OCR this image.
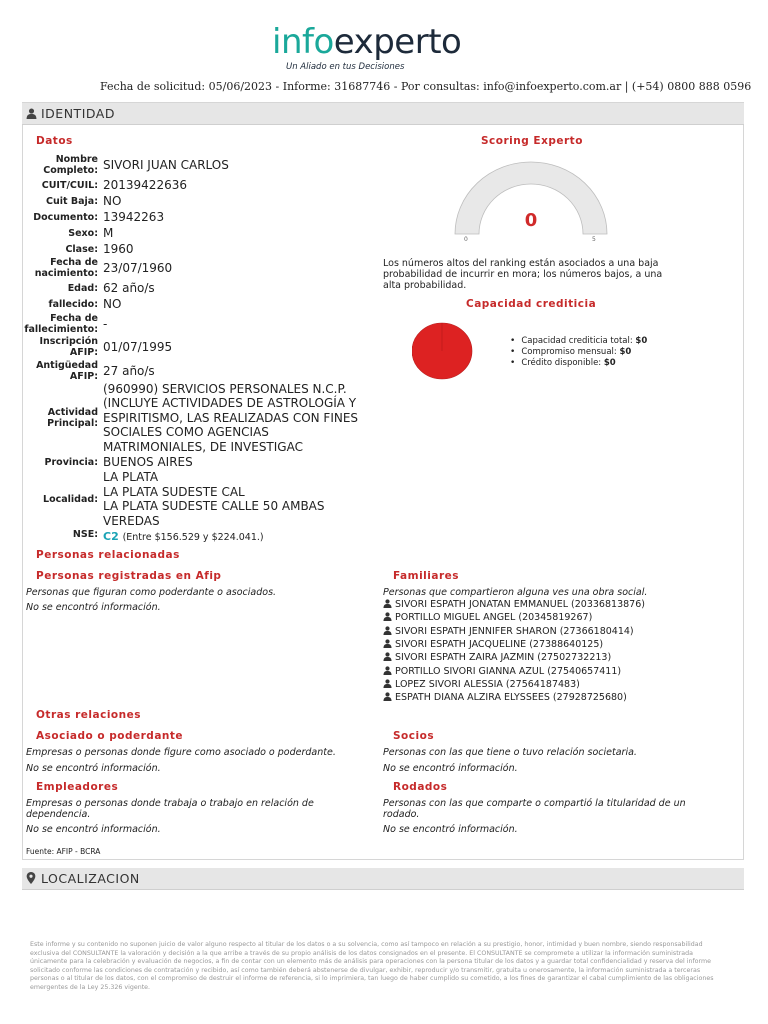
infoexperto
Un Aliado en tus Decisiones
Fecha de solicitud: 05/06/2023 - Informe: 31687746 - Por consultas: info@infoexperto.com.ar | (+54) 0800 888 0596
IDENTIDAD
Datos
Nombre Completo: SIVORI JUAN CARLOS
CUIT/CUIL: 20139422636
Cuit Baja: NO
Documento: 13942263
Sexo: M
Clase: 1960
Fecha de nacimiento: 23/07/1960
Edad: 62 año/s
fallecido: NO
Fecha de fallecimiento: -
Inscripción AFIP: 01/07/1995
Antigüedad AFIP: 27 año/s
Actividad Principal:
(960990) SERVICIOS PERSONALES N.C.P. (INCLUYE ACTIVIDADES DE ASTROLOGÍA Y ESPIRITISMO, LAS REALIZADAS CON FINES SOCIALES COMO AGENCIAS MATRIMONIALES, DE INVESTIGAC
Provincia: BUENOS AIRES
Localidad:
LA PLATA
LA PLATA SUDESTE CAL
LA PLATA SUDESTE CALLE 50 AMBAS VEREDAS
NSE: C2 (Entre $156.529 y $224.041.)
Scoring Experto
0
0	5
Los números altos del ranking están asociados a una baja probabilidad de incurrir en mora; los números bajos, a una alta probabilidad.
Capacidad crediticia
• Capacidad crediticia total: $0
• Compromiso mensual: $0
• Crédito disponible: $0
Personas relacionadas
Personas registradas en Afip
Personas que figuran como poderdante o asociados.
No se encontró información.
Familiares
Personas que compartieron alguna ves una obra social.
SIVORI ESPATH JONATAN EMMANUEL (20336813876)
PORTILLO MIGUEL ANGEL (20345819267)
SIVORI ESPATH JENNIFER SHARON (27366180414)
SIVORI ESPATH JACQUELINE (27388640125)
SIVORI ESPATH ZAIRA JAZMIN (27502732213)
PORTILLO SIVORI GIANNA AZUL (27540657411)
LOPEZ SIVORI ALESSIA (27564187483)
ESPATH DIANA ALZIRA ELYSSEES (27928725680)
Otras relaciones
Asociado o poderdante
Empresas o personas donde figure como asociado o poderdante.
No se encontró información.
Socios
Personas con las que tiene o tuvo relación societaria.
No se encontró información.
Empleadores
Empresas o personas donde trabaja o trabajo en relación de dependencia.
No se encontró información.
Rodados
Personas con las que comparte o compartió la titularidad de un rodado.
No se encontró información.
Fuente: AFIP - BCRA
LOCALIZACION
Este informe y su contenido no suponen juicio de valor alguno respecto al titular de los datos o a su solvencia, como así tampoco en relación a su prestigio, honor, intimidad y buen nombre, siendo responsabilidad exclusiva del CONSULTANTE la valoración y decisión a la que arribe a través de su propio análisis de los datos consignados en el presente. El CONSULTANTE se compromete a utilizar la información suministrada únicamente para la celebración y evaluación de negocios, a fin de contar con un elemento más de análisis para operaciones con la persona titular de los datos y a guardar total confidencialidad y reserva del informe solicitado conforme las condiciones de contratación y recibido, así como también deberá abstenerse de divulgar, exhibir, reproducir y/o transmitir, gratuita u onerosamente, la información suministrada a terceras personas o al titular de los datos, con el compromiso de destruir el informe de referencia, si lo imprimiera, tan luego de haber cumplido su cometido, a los fines de garantizar el cabal cumplimiento de las obligaciones emergentes de la Ley 25.326 vigente.
